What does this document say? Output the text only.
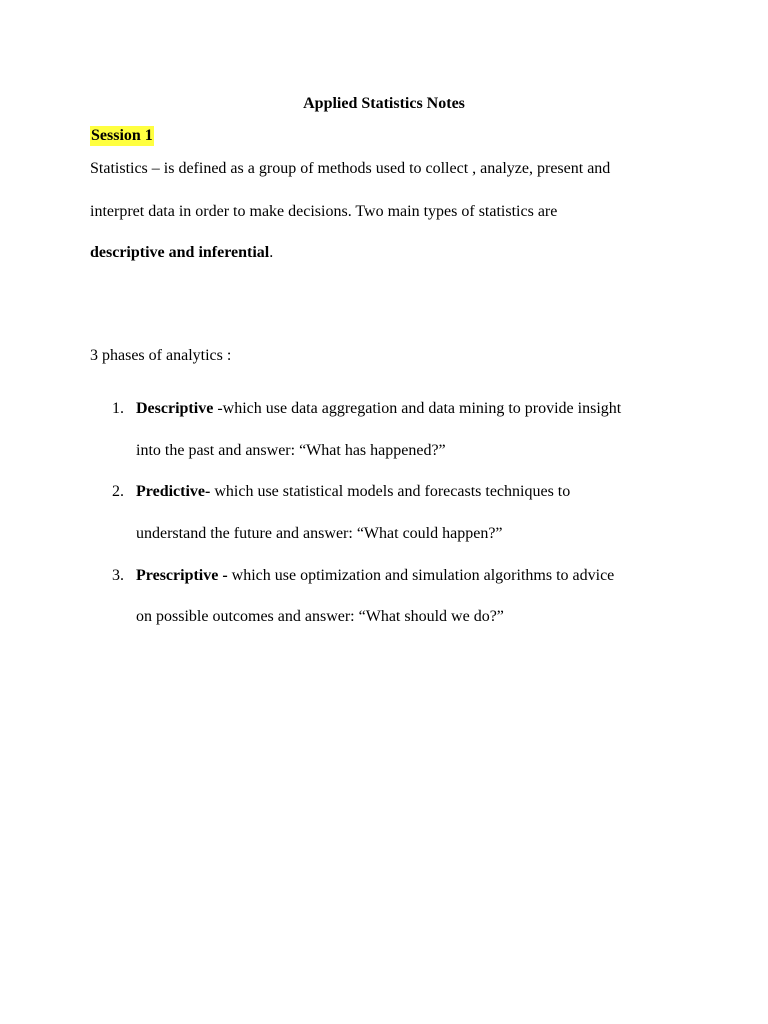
Applied Statistics Notes
Session 1
Statistics – is defined as a group of methods used to collect , analyze, present and
interpret data in order to make decisions. Two main types of statistics are
descriptive and inferential.
3 phases of analytics :
1. Descriptive -which use data aggregation and data mining to provide insight
into the past and answer: “What has happened?”
2. Predictive- which use statistical models and forecasts techniques to
understand the future and answer: “What could happen?”
3. Prescriptive - which use optimization and simulation algorithms to advice
on possible outcomes and answer: “What should we do?”
